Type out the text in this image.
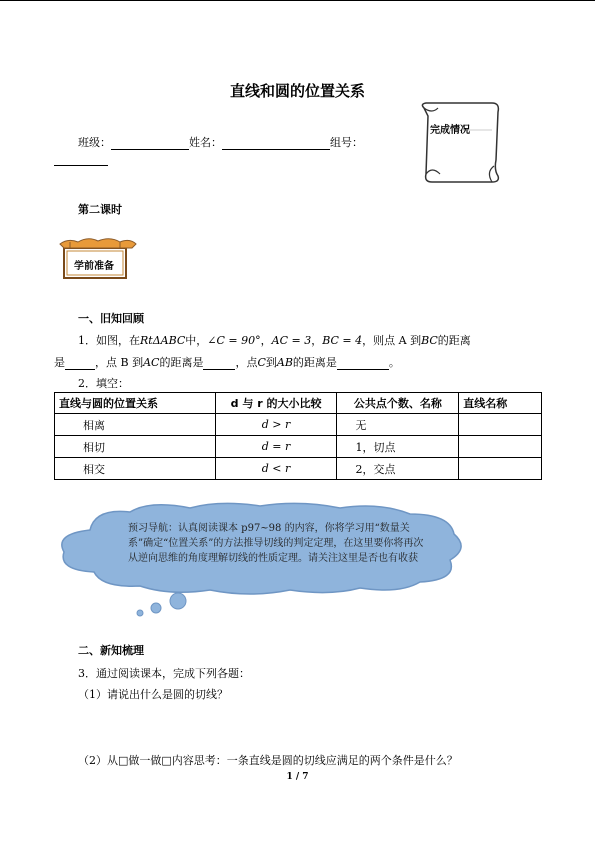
直线和圆的位置关系
班级：	姓名：	组号：
完成情况
第二课时
学前准备
一、旧知回顾
1．如图，在RtΔABC中，∠C = 90°，AC = 3，BC = 4，则点 A 到BC的距离
是	，点 B 到AC的距离是	，点C到AB的距离是	。
2．填空：
直线与圆的位置关系	d 与 r 的大小比较	公共点个数、名称	直线名称
相离	d > r	无	
相切	d = r	1，切点	
相交	d < r	2，交点	
预习导航：认真阅读课本 p97~98 的内容，你将学习用“数量关系”确定“位置关系”的方法推导切线的判定定理，在这里要你将再次从逆向思维的角度理解切线的性质定理。请关注这里是否也有收获
二、新知梳理
3．通过阅读课本，完成下列各题：
（1）请说出什么是圆的切线？
（2）从□做一做□内容思考：一条直线是圆的切线应满足的两个条件是什么？
1 / 7
